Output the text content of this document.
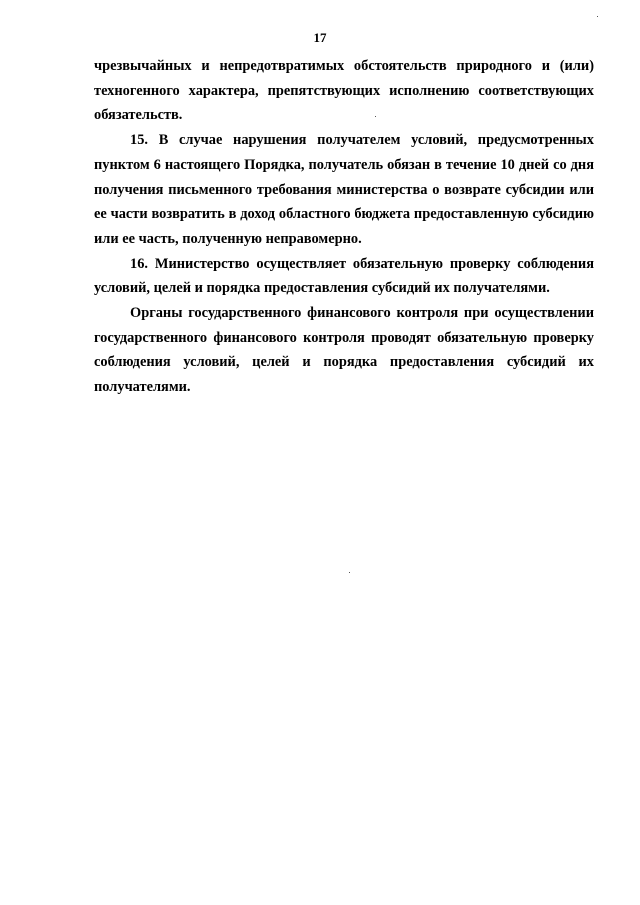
17

чрезвычайных и непредотвратимых обстоятельств природного и (или) техногенного характера, препятствующих исполнению соответствующих обязательств.

15. В случае нарушения получателем условий, предусмотренных пунктом 6 настоящего Порядка, получатель обязан в течение 10 дней со дня получения письменного требования министерства о возврате субсидии или ее части возвратить в доход областного бюджета предоставленную субсидию или ее часть, полученную неправомерно.

16. Министерство осуществляет обязательную проверку соблюдения условий, целей и порядка предоставления субсидий их получателями.

Органы государственного финансового контроля при осуществлении государственного финансового контроля проводят обязательную проверку соблюдения условий, целей и порядка предоставления субсидий их получателями.
